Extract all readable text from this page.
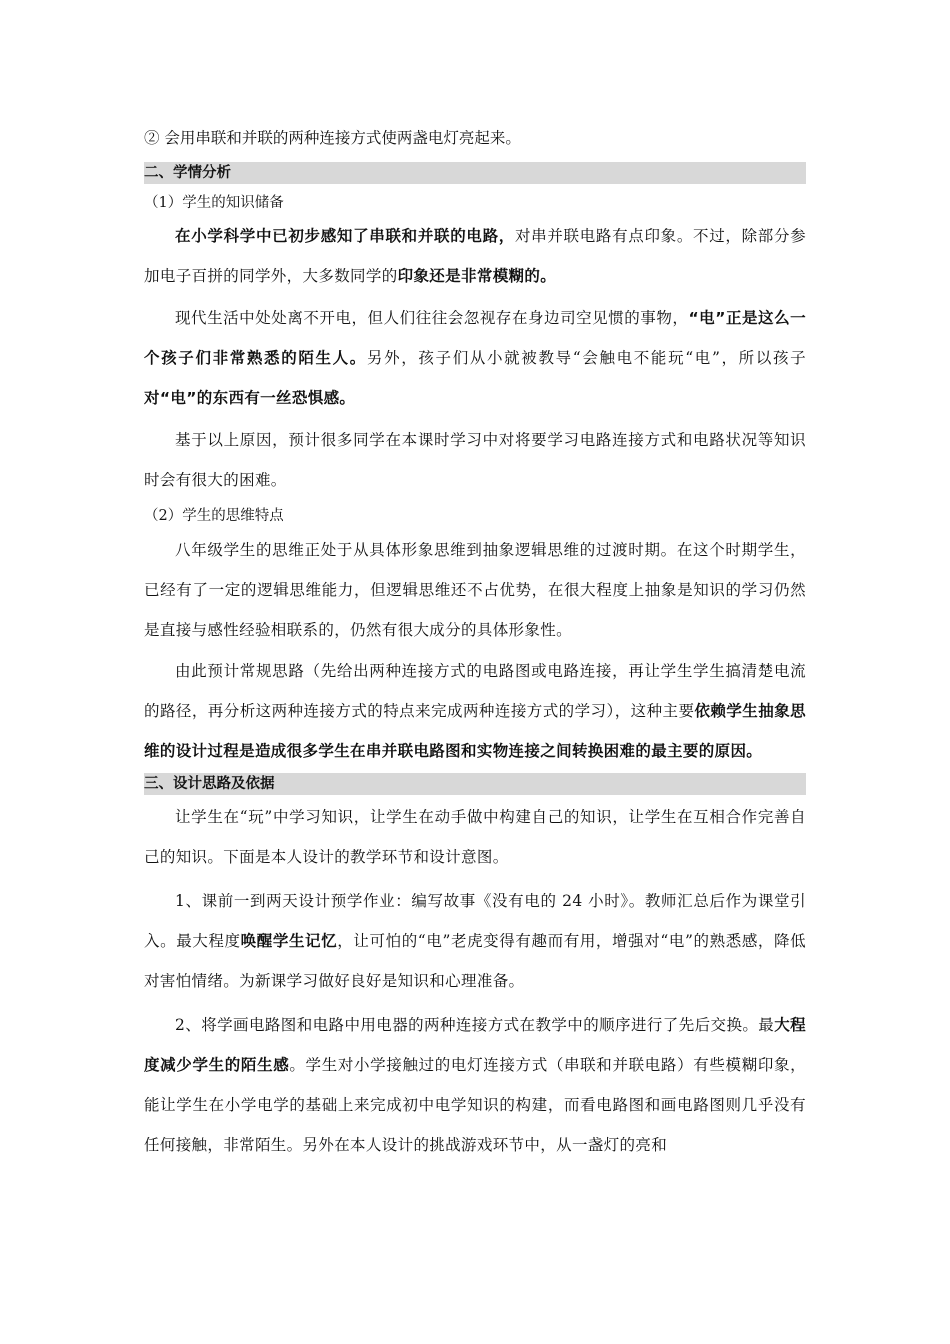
② 会用串联和并联的两种连接方式使两盏电灯亮起来。

二、学情分析

（1）学生的知识储备

在小学科学中已初步感知了串联和并联的电路，对串并联电路有点印象。不过，除部分参加电子百拼的同学外，大多数同学的印象还是非常模糊的。

现代生活中处处离不开电，但人们往往会忽视存在身边司空见惯的事物，“电”正是这么一个孩子们非常熟悉的陌生人。另外，孩子们从小就被教导“会触电不能玩“电”，所以孩子对“电”的东西有一丝恐惧感。

基于以上原因，预计很多同学在本课时学习中对将要学习电路连接方式和电路状况等知识时会有很大的困难。

（2）学生的思维特点

八年级学生的思维正处于从具体形象思维到抽象逻辑思维的过渡时期。在这个时期学生，已经有了一定的逻辑思维能力，但逻辑思维还不占优势，在很大程度上抽象是知识的学习仍然是直接与感性经验相联系的，仍然有很大成分的具体形象性。

由此预计常规思路（先给出两种连接方式的电路图或电路连接，再让学生学生搞清楚电流的路径，再分析这两种连接方式的特点来完成两种连接方式的学习），这种主要依赖学生抽象思维的设计过程是造成很多学生在串并联电路图和实物连接之间转换困难的最主要的原因。

三、设计思路及依据

让学生在“玩”中学习知识，让学生在动手做中构建自己的知识，让学生在互相合作完善自己的知识。下面是本人设计的教学环节和设计意图。

1、课前一到两天设计预学作业：编写故事《没有电的 24 小时》。教师汇总后作为课堂引入。最大程度唤醒学生记忆，让可怕的“电”老虎变得有趣而有用，增强对“电”的熟悉感，降低对害怕情绪。为新课学习做好良好是知识和心理准备。

2、将学画电路图和电路中用电器的两种连接方式在教学中的顺序进行了先后交换。最大程度减少学生的陌生感。学生对小学接触过的电灯连接方式（串联和并联电路）有些模糊印象，能让学生在小学电学的基础上来完成初中电学知识的构建，而看电路图和画电路图则几乎没有任何接触，非常陌生。另外在本人设计的挑战游戏环节中，从一盏灯的亮和
